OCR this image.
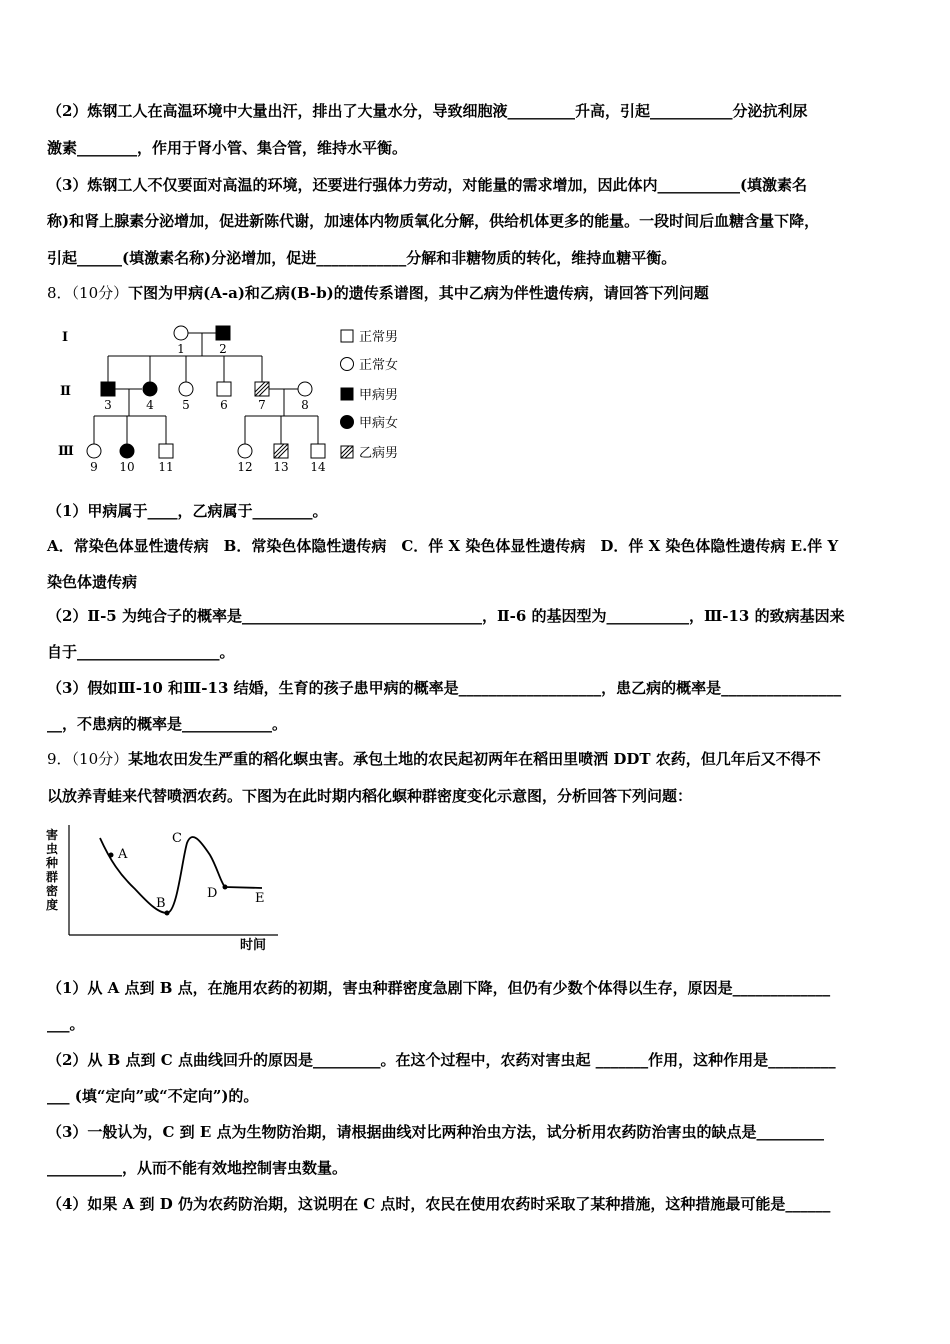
（2）炼钢工人在高温环境中大量出汗，排出了大量水分，导致细胞液_________升高，引起___________分泌抗利尿
激素________，作用于肾小管、集合管，维持水平衡。
（3）炼钢工人不仅要面对高温的环境，还要进行强体力劳动，对能量的需求增加，因此体内___________(填激素名
称)和肾上腺素分泌增加，促进新陈代谢，加速体内物质氧化分解，供给机体更多的能量。一段时间后血糖含量下降，
引起______(填激素名称)分泌增加，促进____________分解和非糖物质的转化，维持血糖平衡。
8．（10分）下图为甲病(A-a)和乙病(B-b)的遗传系谱图，其中乙病为伴性遗传病，请回答下列问题
Ⅰ
Ⅱ
Ⅲ
1	2
3	4 5	6	7	8
9 10 11	12 13 14
正常男
正常女
甲病男
甲病女
乙病男
（1）甲病属于____，乙病属于________。
A．常染色体显性遗传病　B．常染色体隐性遗传病　C．伴 X 染色体显性遗传病　D．伴 X 染色体隐性遗传病 E.伴 Y
染色体遗传病
（2）Ⅱ-5 为纯合子的概率是________________________________，Ⅱ-6 的基因型为___________，Ⅲ-13 的致病基因来
自于___________________。
（3）假如Ⅲ-10 和Ⅲ-13 结婚，生育的孩子患甲病的概率是___________________，患乙病的概率是________________
__，不患病的概率是____________。
9．（10分）某地农田发生严重的稻化螟虫害。承包土地的农民起初两年在稻田里喷洒 DDT 农药，但几年后又不得不
以放养青蛙来代替喷洒农药。下图为在此时期内稻化螟种群密度变化示意图，分析回答下列问题：
害
虫
种
群
密
度
时间
A
B
C
D	E
（1）从 A 点到 B 点，在施用农药的初期，害虫种群密度急剧下降，但仍有少数个体得以生存，原因是_____________
___。
（2）从 B 点到 C 点曲线回升的原因是_________。在这个过程中，农药对害虫起 _______作用，这种作用是_________
___ (填“定向”或“不定向”)的。
（3）一般认为，C 到 E 点为生物防治期，请根据曲线对比两种治虫方法，试分析用农药防治害虫的缺点是_________
__________，从而不能有效地控制害虫数量。
（4）如果 A 到 D 仍为农药防治期，这说明在 C 点时，农民在使用农药时采取了某种措施，这种措施最可能是______
